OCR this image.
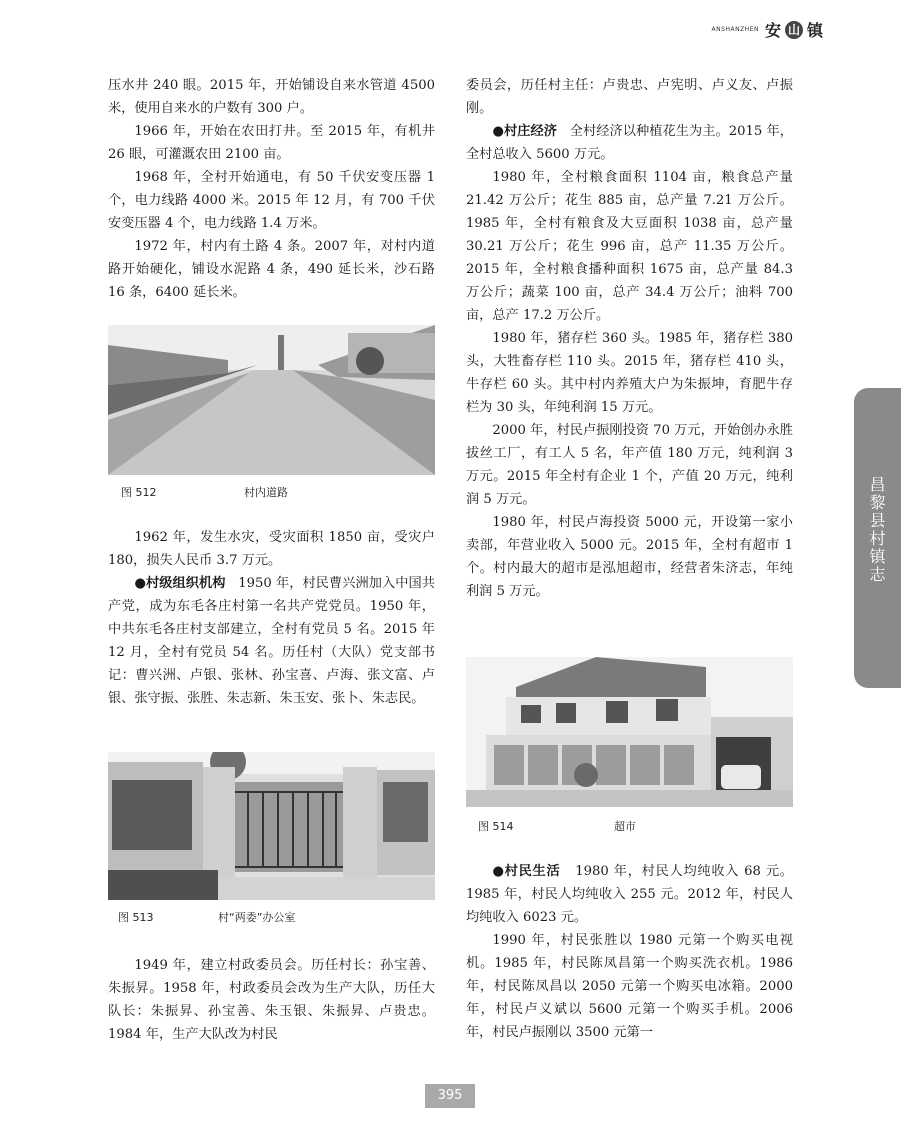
ANSHANZHEN 安 山 镇

压水井 240 眼。2015 年，开始铺设自来水管道 4500 米，使用自来水的户数有 300 户。

1966 年，开始在农田打井。至 2015 年，有机井 26 眼，可灌溉农田 2100 亩。

1968 年，全村开始通电，有 50 千伏安变压器 1 个，电力线路 4000 米。2015 年 12 月，有 700 千伏安变压器 4 个，电力线路 1.4 万米。

1972 年，村内有土路 4 条。2007 年，对村内道路开始硬化，铺设水泥路 4 条，490 延长米，沙石路 16 条，6400 延长米。

图 512	村内道路

1962 年，发生水灾，受灾面积 1850 亩，受灾户 180，损失人民币 3.7 万元。

●村级组织机构 1950 年，村民曹兴洲加入中国共产党，成为东毛各庄村第一名共产党党员。1950 年，中共东毛各庄村支部建立，全村有党员 5 名。2015 年 12 月，全村有党员 54 名。历任村（大队）党支部书记：曹兴洲、卢银、张林、孙宝喜、卢海、张文富、卢银、张守振、张胜、朱志新、朱玉安、张卜、朱志民。

图 513	村“两委”办公室

1949 年，建立村政委员会。历任村长：孙宝善、朱振昇。1958 年，村政委员会改为生产大队，历任大队长：朱振昇、孙宝善、朱玉银、朱振昇、卢贵忠。1984 年，生产大队改为村民

委员会，历任村主任：卢贵忠、卢宪明、卢义友、卢振刚。

●村庄经济 全村经济以种植花生为主。2015 年，全村总收入 5600 万元。

1980 年，全村粮食面积 1104 亩，粮食总产量 21.42 万公斤；花生 885 亩，总产量 7.21 万公斤。1985 年，全村有粮食及大豆面积 1038 亩，总产量 30.21 万公斤；花生 996 亩，总产 11.35 万公斤。2015 年，全村粮食播种面积 1675 亩，总产量 84.3 万公斤；蔬菜 100 亩，总产 34.4 万公斤；油料 700 亩，总产 17.2 万公斤。

1980 年，猪存栏 360 头。1985 年，猪存栏 380 头，大牲畜存栏 110 头。2015 年，猪存栏 410 头，牛存栏 60 头。其中村内养殖大户为朱振坤，育肥牛存栏为 30 头，年纯利润 15 万元。

2000 年，村民卢振刚投资 70 万元，开始创办永胜拔丝工厂，有工人 5 名，年产值 180 万元，纯利润 3 万元。2015 年全村有企业 1 个，产值 20 万元，纯利润 5 万元。

1980 年，村民卢海投资 5000 元，开设第一家小卖部，年营业收入 5000 元。2015 年，全村有超市 1 个。村内最大的超市是泓旭超市，经营者朱济志，年纯利润 5 万元。

图 514	超市

●村民生活 1980 年，村民人均纯收入 68 元。1985 年，村民人均纯收入 255 元。2012 年，村民人均纯收入 6023 元。

1990 年，村民张胜以 1980 元第一个购买电视机。1985 年，村民陈凤昌第一个购买洗衣机。1986 年，村民陈凤昌以 2050 元第一个购买电冰箱。2000 年，村民卢义斌以 5600 元第一个购买手机。2006 年，村民卢振刚以 3500 元第一

昌黎县村镇志
395
